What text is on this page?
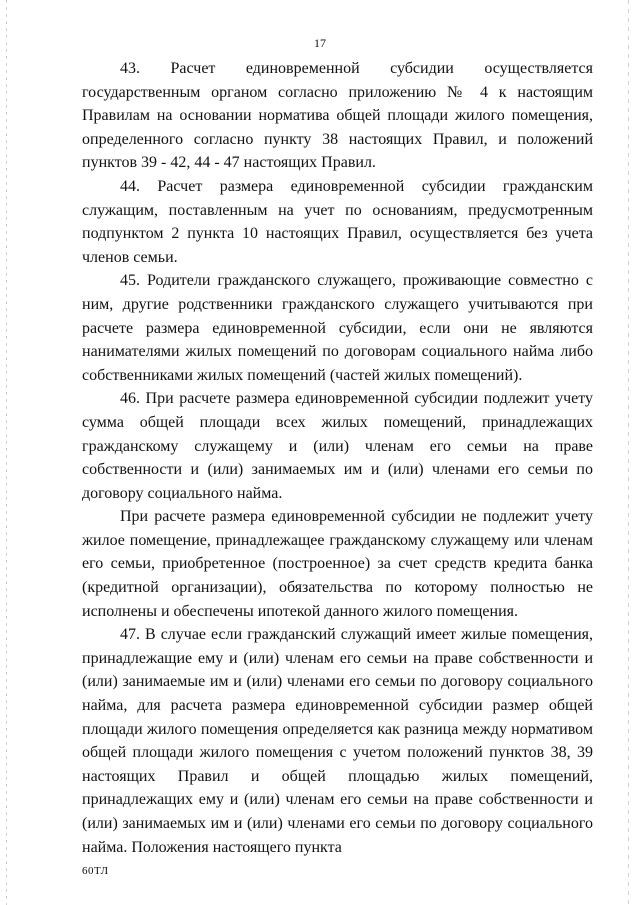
17

43. Расчет единовременной субсидии осуществляется государственным органом согласно приложению № 4 к настоящим Правилам на основании норматива общей площади жилого помещения, определенного согласно пункту 38 настоящих Правил, и положений пунктов 39 - 42, 44 - 47 настоящих Правил.

44. Расчет размера единовременной субсидии гражданским служащим, поставленным на учет по основаниям, предусмотренным подпунктом 2 пункта 10 настоящих Правил, осуществляется без учета членов семьи.

45. Родители гражданского служащего, проживающие совместно с ним, другие родственники гражданского служащего учитываются при расчете размера единовременной субсидии, если они не являются нанимателями жилых помещений по договорам социального найма либо собственниками жилых помещений (частей жилых помещений).

46. При расчете размера единовременной субсидии подлежит учету сумма общей площади всех жилых помещений, принадлежащих гражданскому служащему и (или) членам его семьи на праве собственности и (или) занимаемых им и (или) членами его семьи по договору социального найма.

При расчете размера единовременной субсидии не подлежит учету жилое помещение, принадлежащее гражданскому служащему или членам его семьи, приобретенное (построенное) за счет средств кредита банка (кредитной организации), обязательства по которому полностью не исполнены и обеспечены ипотекой данного жилого помещения.

47. В случае если гражданский служащий имеет жилые помещения, принадлежащие ему и (или) членам его семьи на праве собственности и (или) занимаемые им и (или) членами его семьи по договору социального найма, для расчета размера единовременной субсидии размер общей площади жилого помещения определяется как разница между нормативом общей площади жилого помещения с учетом положений пунктов 38, 39 настоящих Правил и общей площадью жилых помещений, принадлежащих ему и (или) членам его семьи на праве собственности и (или) занимаемых им и (или) членами его семьи по договору социального найма. Положения настоящего пункта

60ТЛ
